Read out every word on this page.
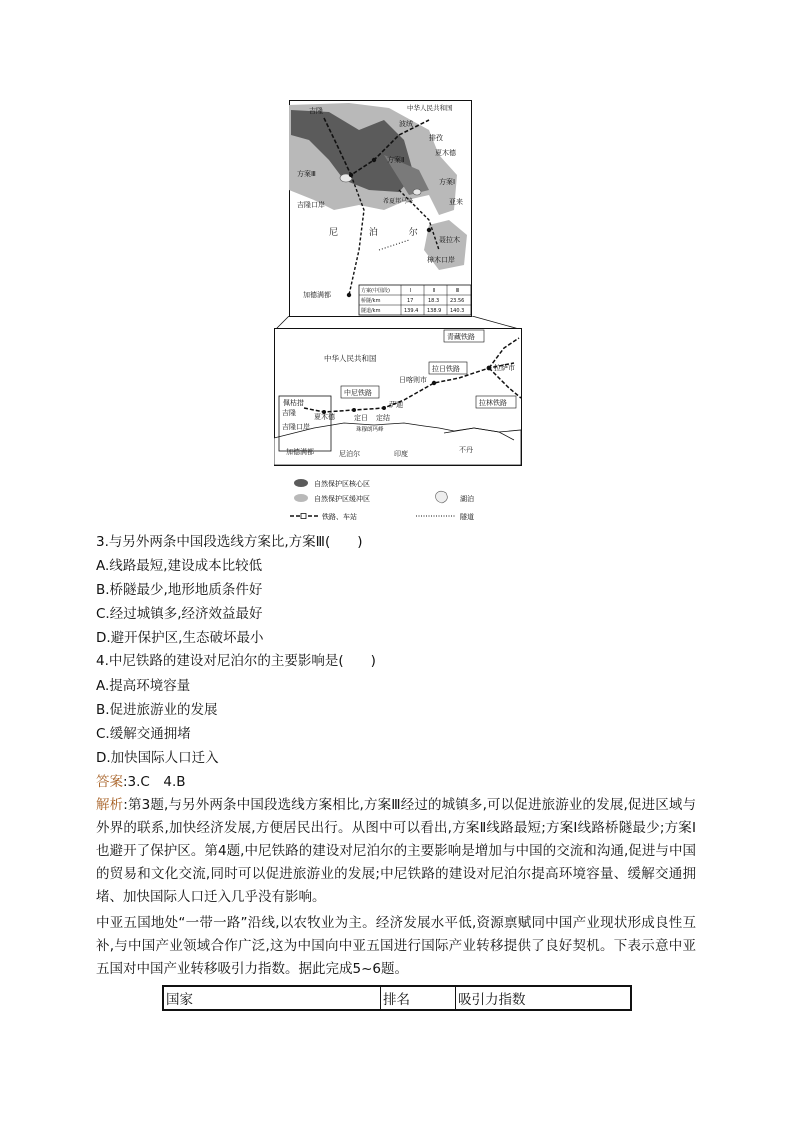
中华人民共和国
吉隆
波绒
排孜
夏木德
吉隆口岸	亚来
聂拉木
樟木口岸
加德满都
方案Ⅰ
方案Ⅱ
方案Ⅲ
希夏邦马峰
尼 泊 尔
方案(中国段)	Ⅰ	Ⅱ	Ⅲ
桥隧/km	17	18.3 23.56
隧道/km	139.4 138.9 140.3
中华人民共和国
青藏铁路
拉日铁路
中尼铁路
拉林铁路
拉萨市
日喀则市
萨迦
定日 定结
佩枯措
吉隆
吉隆口岸
夏木德
珠穆朗玛峰
加德满都	尼泊尔	印度	不丹
自然保护区核心区
自然保护区缓冲区	湖泊
铁路、车站	隧道
3.与另外两条中国段选线方案比,方案Ⅲ(　　)
A.线路最短,建设成本比较低
B.桥隧最少,地形地质条件好
C.经过城镇多,经济效益最好
D.避开保护区,生态破坏最小
4.中尼铁路的建设对尼泊尔的主要影响是(　　)
A.提高环境容量
B.促进旅游业的发展
C.缓解交通拥堵
D.加快国际人口迁入
答案:3.C　4.B
解析:第3题,与另外两条中国段选线方案相比,方案Ⅲ经过的城镇多,可以促进旅游业的发展,促进区域与外界的联系,加快经济发展,方便居民出行。从图中可以看出,方案Ⅱ线路最短;方案Ⅰ线路桥隧最少;方案Ⅰ也避开了保护区。第4题,中尼铁路的建设对尼泊尔的主要影响是增加与中国的交流和沟通,促进与中国的贸易和文化交流,同时可以促进旅游业的发展;中尼铁路的建设对尼泊尔提高环境容量、缓解交通拥堵、加快国际人口迁入几乎没有影响。
中亚五国地处“一带一路”沿线,以农牧业为主。经济发展水平低,资源禀赋同中国产业现状形成良性互补,与中国产业领域合作广泛,这为中国向中亚五国进行国际产业转移提供了良好契机。下表示意中亚五国对中国产业转移吸引力指数。据此完成5~6题。
国家	排名	吸引力指数
